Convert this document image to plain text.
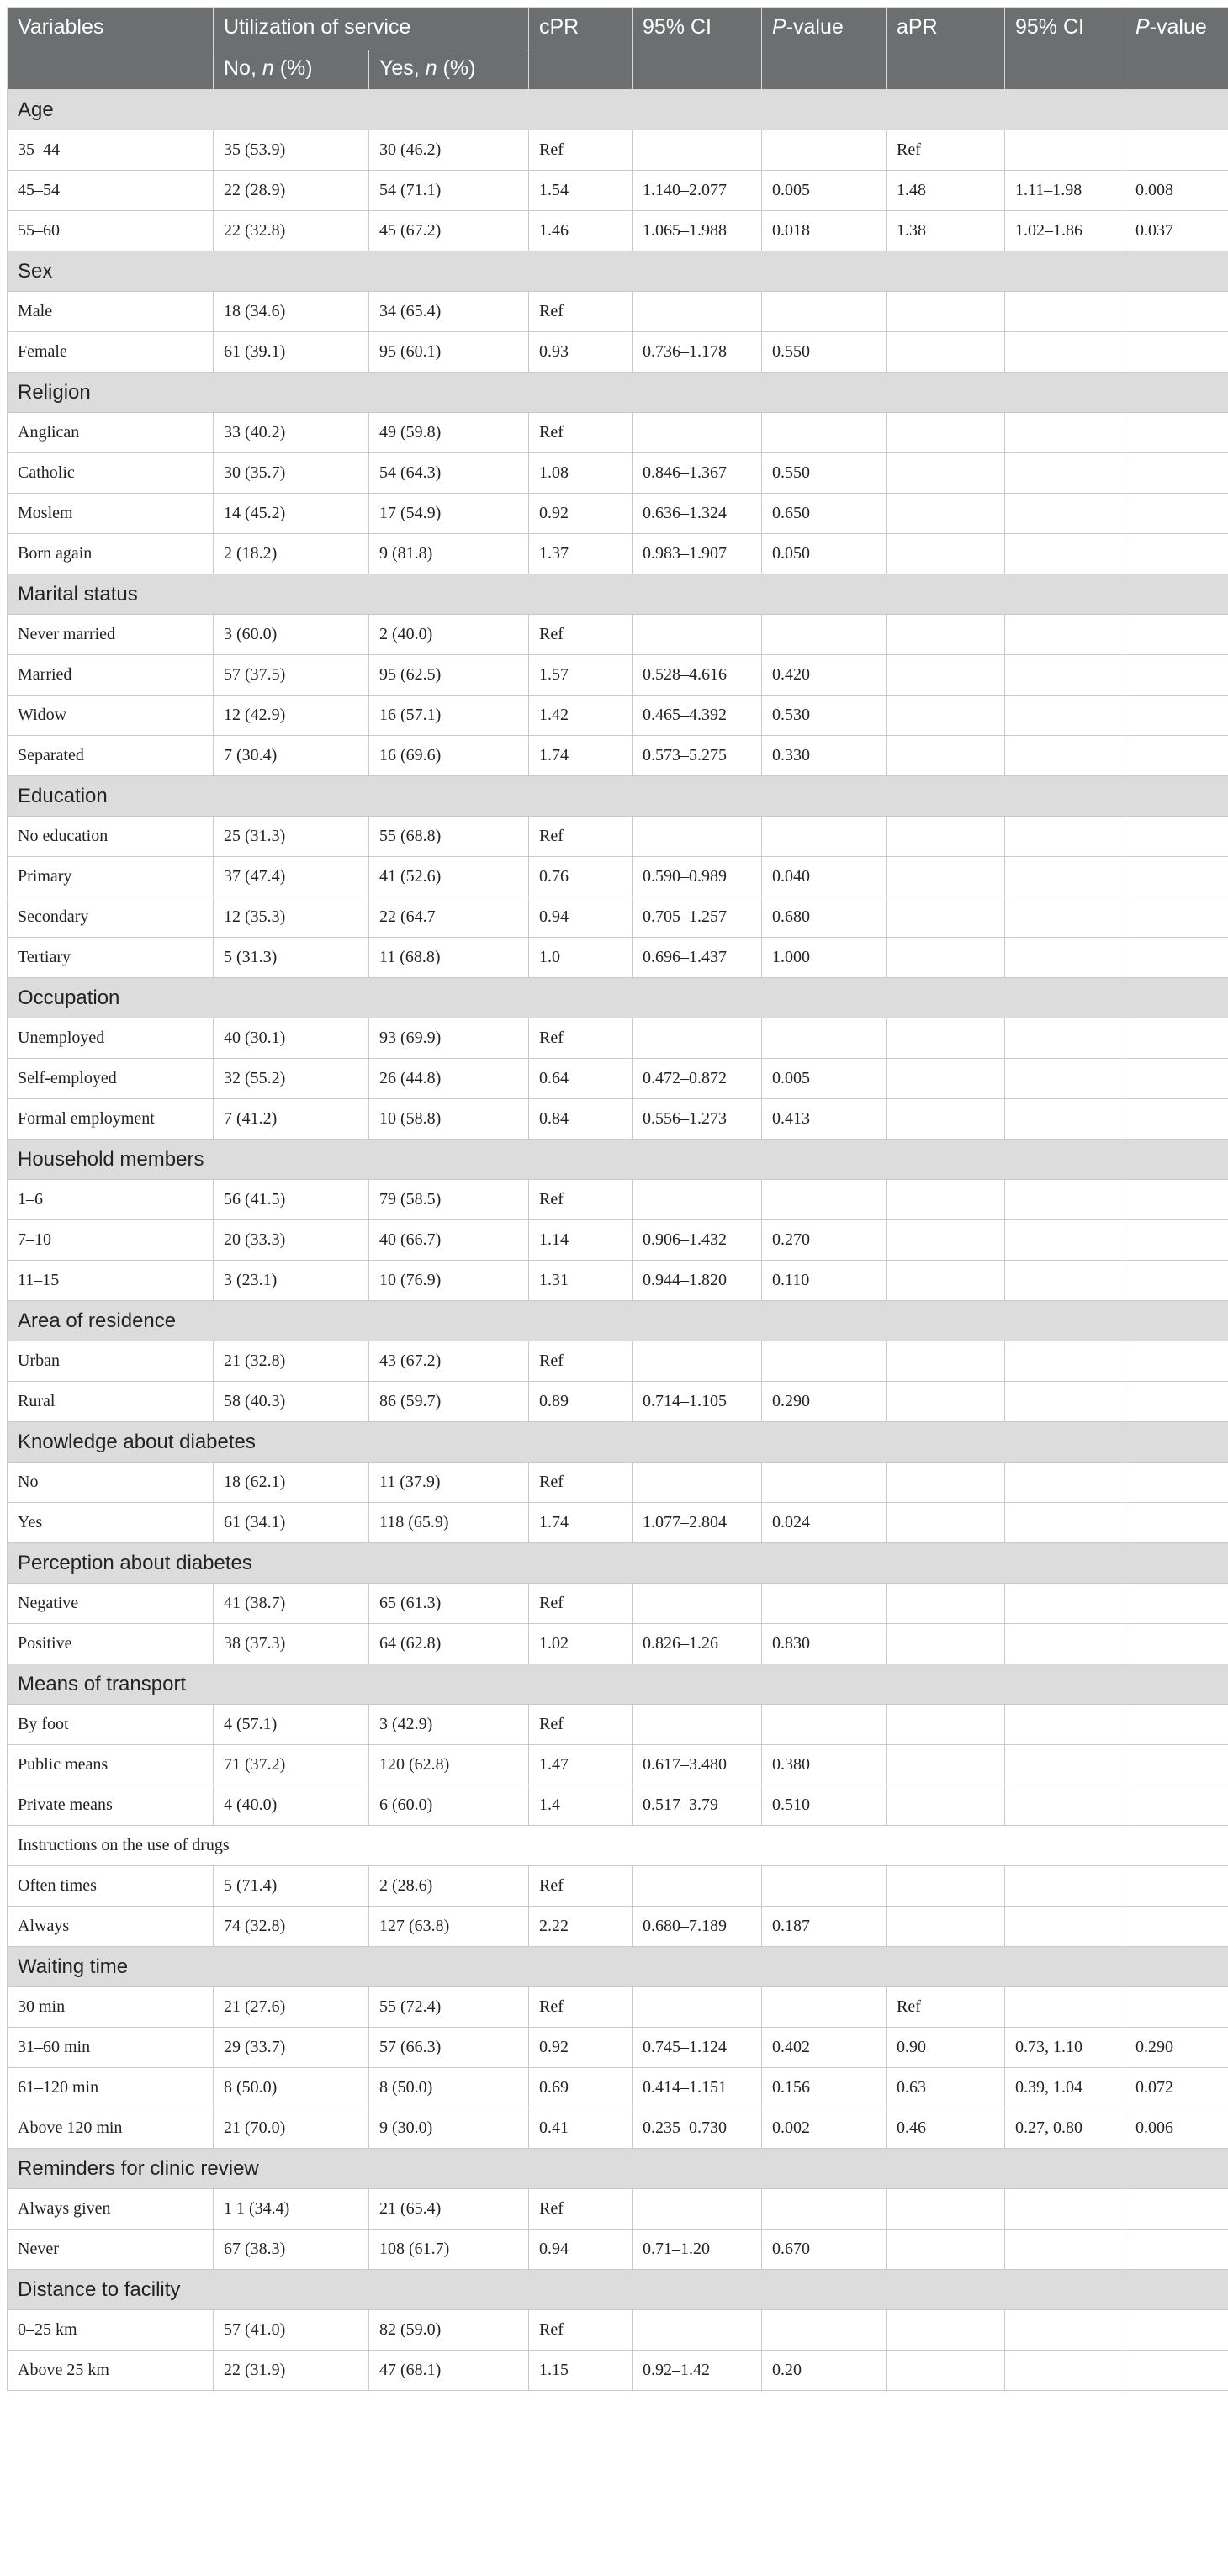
Variables	Utilization of service		cPR	95% CI	P-value	aPR	95% CI	P-value
	No, n (%)	Yes, n (%)						
Age								
35–44	35 (53.9)	30 (46.2)	Ref			Ref		
45–54	22 (28.9)	54 (71.1)	1.54	1.140–2.077	0.005	1.48	1.11–1.98	0.008
55–60	22 (32.8)	45 (67.2)	1.46	1.065–1.988	0.018	1.38	1.02–1.86	0.037
Sex								
Male	18 (34.6)	34 (65.4)	Ref					
Female	61 (39.1)	95 (60.1)	0.93	0.736–1.178	0.550			
Religion								
Anglican	33 (40.2)	49 (59.8)	Ref					
Catholic	30 (35.7)	54 (64.3)	1.08	0.846–1.367	0.550			
Moslem	14 (45.2)	17 (54.9)	0.92	0.636–1.324	0.650			
Born again	2 (18.2)	9 (81.8)	1.37	0.983–1.907	0.050			
Marital status								
Never married	3 (60.0)	2 (40.0)	Ref					
Married	57 (37.5)	95 (62.5)	1.57	0.528–4.616	0.420			
Widow	12 (42.9)	16 (57.1)	1.42	0.465–4.392	0.530			
Separated	7 (30.4)	16 (69.6)	1.74	0.573–5.275	0.330			
Education								
No education	25 (31.3)	55 (68.8)	Ref					
Primary	37 (47.4)	41 (52.6)	0.76	0.590–0.989	0.040			
Secondary	12 (35.3)	22 (64.7	0.94	0.705–1.257	0.680			
Tertiary	5 (31.3)	11 (68.8)	1.0	0.696–1.437	1.000			
Occupation								
Unemployed	40 (30.1)	93 (69.9)	Ref					
Self-employed	32 (55.2)	26 (44.8)	0.64	0.472–0.872	0.005			
Formal employment	7 (41.2)	10 (58.8)	0.84	0.556–1.273	0.413			
Household members								
1–6	56 (41.5)	79 (58.5)	Ref					
7–10	20 (33.3)	40 (66.7)	1.14	0.906–1.432	0.270			
11–15	3 (23.1)	10 (76.9)	1.31	0.944–1.820	0.110			
Area of residence								
Urban	21 (32.8)	43 (67.2)	Ref					
Rural	58 (40.3)	86 (59.7)	0.89	0.714–1.105	0.290			
Knowledge about diabetes								
No	18 (62.1)	11 (37.9)	Ref					
Yes	61 (34.1)	118 (65.9)	1.74	1.077–2.804	0.024			
Perception about diabetes								
Negative	41 (38.7)	65 (61.3)	Ref					
Positive	38 (37.3)	64 (62.8)	1.02	0.826–1.26	0.830			
Means of transport								
By foot	4 (57.1)	3 (42.9)	Ref					
Public means	71 (37.2)	120 (62.8)	1.47	0.617–3.480	0.380			
Private means	4 (40.0)	6 (60.0)	1.4	0.517–3.79	0.510			
Instructions on the use of drugs								
Often times	5 (71.4)	2 (28.6)	Ref					
Always	74 (32.8)	127 (63.8)	2.22	0.680–7.189	0.187			
Waiting time								
30 min	21 (27.6)	55 (72.4)	Ref			Ref		
31–60 min	29 (33.7)	57 (66.3)	0.92	0.745–1.124	0.402	0.90	0.73, 1.10	0.290
61–120 min	8 (50.0)	8 (50.0)	0.69	0.414–1.151	0.156	0.63	0.39, 1.04	0.072
Above 120 min	21 (70.0)	9 (30.0)	0.41	0.235–0.730	0.002	0.46	0.27, 0.80	0.006
Reminders for clinic review								
Always given	1 1 (34.4)	21 (65.4)	Ref					
Never	67 (38.3)	108 (61.7)	0.94	0.71–1.20	0.670			
Distance to facility								
0–25 km	57 (41.0)	82 (59.0)	Ref					
Above 25 km	22 (31.9)	47 (68.1)	1.15	0.92–1.42	0.20			
